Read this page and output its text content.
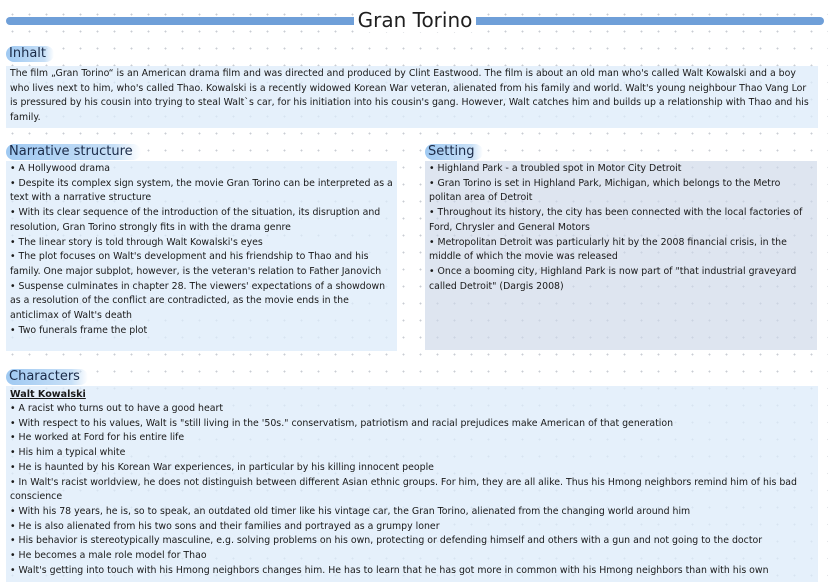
Gran Torino
Inhalt

The film „Gran Torino“ is an American drama film and was directed and produced by Clint Eastwood. The film is about an old man who's called Walt Kowalski and a boy who lives next to him, who's called Thao. Kowalski is a recently widowed Korean War veteran, alienated from his family and world. Walt's young neighbour Thao Vang Lor is pressured by his cousin into trying to steal Walt`s car, for his initiation into his cousin's gang. However, Walt catches him and builds up a relationship with Thao and his family.

Narrative structure
• A Hollywood drama
• Despite its complex sign system, the movie Gran Torino can be interpreted as a text with a narrative structure
• With its clear sequence of the introduction of the situation, its disruption and resolution, Gran Torino strongly fits in with the drama genre
• The linear story is told through Walt Kowalski's eyes
• The plot focuses on Walt's development and his friendship to Thao and his family. One major subplot, however, is the veteran's relation to Father Janovich
• Suspense culminates in chapter 28. The viewers' expectations of a showdown as a resolution of the conflict are contradicted, as the movie ends in the anticlimax of Walt's death
• Two funerals frame the plot
Setting
• Highland Park - a troubled spot in Motor City Detroit
• Gran Torino is set in Highland Park, Michigan, which belongs to the Metro politan area of Detroit
• Throughout its history, the city has been connected with the local factories of Ford, Chrysler and General Motors
• Metropolitan Detroit was particularly hit by the 2008 financial crisis, in the middle of which the movie was released
• Once a booming city, Highland Park is now part of "that industrial graveyard called Detroit" (Dargis 2008)
Characters
Walt Kowalski
• A racist who turns out to have a good heart
• With respect to his values, Walt is "still living in the '50s." conservatism, patriotism and racial prejudices make American of that generation
• He worked at Ford for his entire life
• His him a typical white
• He is haunted by his Korean War experiences, in particular by his killing innocent people
• In Walt's racist worldview, he does not distinguish between different Asian ethnic groups. For him, they are all alike. Thus his Hmong neighbors remind him of his bad conscience
• With his 78 years, he is, so to speak, an outdated old timer like his vintage car, the Gran Torino, alienated from the changing world around him
• He is also alienated from his two sons and their families and portrayed as a grumpy loner
• His behavior is stereotypically masculine, e.g. solving problems on his own, protecting or defending himself and others with a gun and not going to the doctor
• He becomes a male role model for Thao
• Walt's getting into touch with his Hmong neighbors changes him. He has to learn that he has got more in common with his Hmong neighbors than with his own
